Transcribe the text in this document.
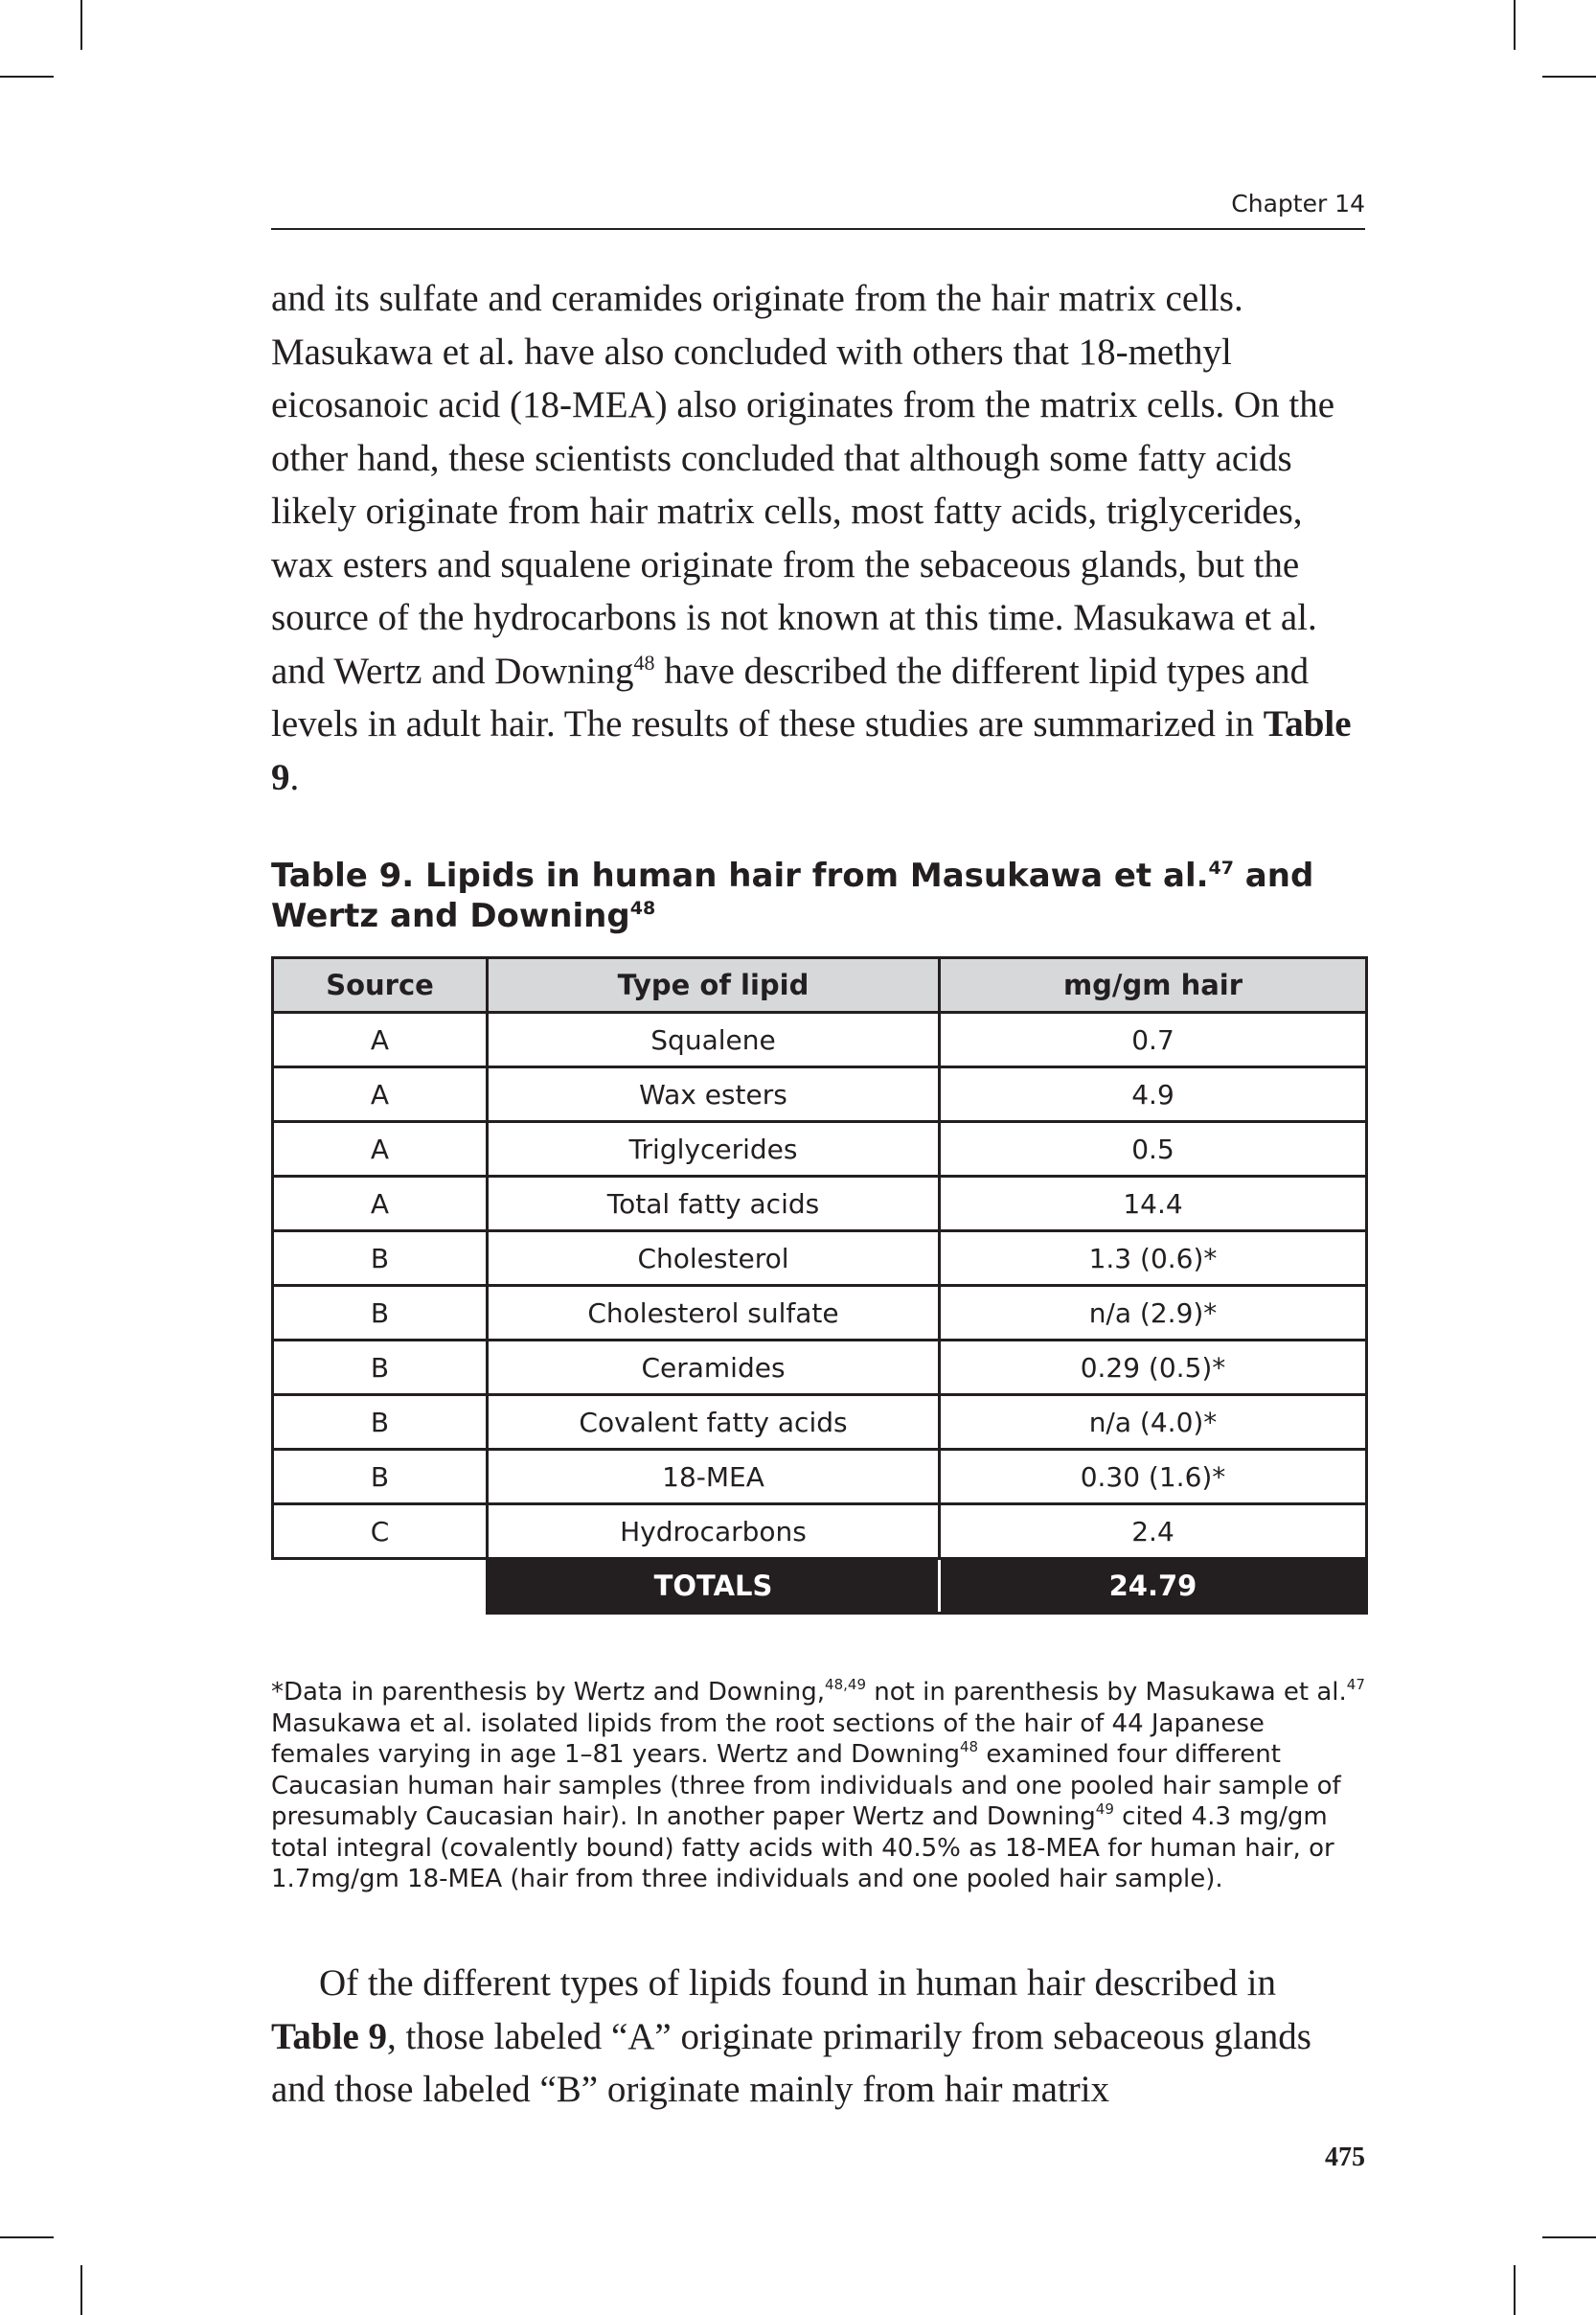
Chapter 14

and its sulfate and ceramides originate from the hair matrix cells. Masukawa et al. have also concluded with others that 18-methyl eicosanoic acid (18-MEA) also originates from the matrix cells. On the other hand, these scientists concluded that although some fatty acids likely originate from hair matrix cells, most fatty acids, triglycerides, wax esters and squalene originate from the sebaceous glands, but the source of the hydrocarbons is not known at this time. Masukawa et al. and Wertz and Downing$^{48}$ have described the different lipid types and levels in adult hair. The results of these studies are summarized in Table 9.

Table 9. Lipids in human hair from Masukawa et al.$^{47}$ and Wertz and Downing$^{48}$

Source	Type of lipid	mg/gm hair
A	Squalene	0.7
A	Wax esters	4.9
A	Triglycerides	0.5
A	Total fatty acids	14.4
B	Cholesterol	1.3 (0.6)*
B	Cholesterol sulfate	n/a (2.9)*
B	Ceramides	0.29 (0.5)*
B	Covalent fatty acids	n/a (4.0)*
B	18-MEA	0.30 (1.6)*
C	Hydrocarbons	2.4
	TOTALS	24.79

*Data in parenthesis by Wertz and Downing,$^{48,49}$ not in parenthesis by Masukawa et al.$^{47}$ Masukawa et al. isolated lipids from the root sections of the hair of 44 Japanese females varying in age 1–81 years. Wertz and Downing$^{48}$ examined four different Caucasian human hair samples (three from individuals and one pooled hair sample of presumably Caucasian hair). In another paper Wertz and Downing$^{49}$ cited 4.3 mg/gm total integral (covalently bound) fatty acids with 40.5% as 18-MEA for human hair, or 1.7mg/gm 18-MEA (hair from three individuals and one pooled hair sample).

Of the different types of lipids found in human hair described in Table 9, those labeled “A” originate primarily from sebaceous glands and those labeled “B” originate mainly from hair matrix

475
